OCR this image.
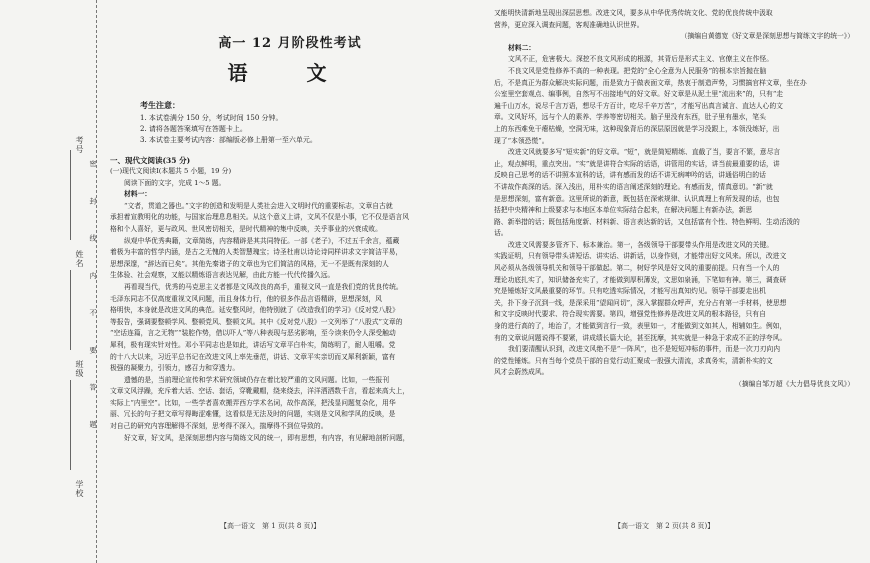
考号
姓名
班级
学校
密 封 线 内 不 要 答 题
高一 12 月阶段性考试
语 文
考生注意：
1. 本试卷满分 150 分，考试时间 150 分钟。
2. 请将各题答案填写在答题卡上。
3. 本试卷主要考试内容：部编版必修上册第一至六单元。
一、现代文阅读(35 分)
(一)现代文阅读Ⅰ(本题共 5 小题，19 分)
阅读下面的文字，完成 1～5 题。
材料一：
“文者，贯道之器也。”文字的创造和发明是人类社会进入文明时代的重要标志，文章自古就
承担着宣教明化的功能，与国家治理息息相关。从这个意义上讲，文风不仅是小事，它不仅是语言风
格和个人喜好，更与政风、世风密切相关，是时代精神的集中反映，关乎事业的兴衰成败。
纵观中华优秀典籍，文章简练，内容精辟是其共同特征。一部《老子》，不过五千余言，蕴藏
着极为丰富的哲学内涵，是古之无愧的人类智慧瑰宝；诗圣杜甫以诗论诗同样讲求文字简洁平易，
思想深邃，“辞达而已矣”。其他先秦诸子的文章也为它们简洁的风格，无一不是既有深刻的人
生体验、社会观察，又能以精炼语言表达见解，由此方能一代代传播久远。
再看现当代，优秀的马克思主义者都是文风改良的高手，重视文风一直是我们党的优良传统。
毛泽东同志不仅高度重视文风问题，而且身体力行，他的很多作品言语精辟，思想深刻，风
格明快，本身就是改进文风的典范。延安整风时，他特别就了《改造我们的学习》《反对党八股》
等报告，强调要整顿学风、整顿党风、整顿文风。其中《反对党八股》一文列举了“八股式”文章的
“空话连篇，言之无物”“装腔作势，借以吓人”等八种表现与恶劣影响，至今读来仍令人深受触动
犀利，极有现实针对性。邓小平同志也是如此，讲话写文章平白朴实，简练明了，耐人咀嚼。党
的十八大以来，习近平总书记在改进文风上率先垂范，讲话、文章平实亲切而又犀利新颖，富有
极强的凝聚力，引领力，感召力和穿透力。
遗憾的是，当前理论宣传和学术研究领域仍存在着比较严重的文风问题。比如，一些报刊
文章文风浮躁，充斥着大话、空话、套话，穿靴戴帽，绕来绕去，洋洋洒洒数千言，看起来高大上，
实际上“内里空”。比如，一些学者喜欢搬弄西方学术名词，故作高深，把浅显问题复杂化，用华
丽、冗长的句子把文章写得晦涩难懂，这看似是无法及时的问题，实则是文风和学风的反映，是
对自己的研究内容理解得不深刻，思考得不深入，揣摩得不到位导致的。
好文章，好文风，是深刻思想内容与简练文风的统一，即有思想，有内容，有见解地剖析问题，
【高一语文　第 1 页(共 8 页)】
又能明快清新地呈现出深层思想。改进文风，要多从中华优秀传统文化、党的优良传统中汲取
营养，更应深入调查问题，客观准确地认识世界。
（摘编自黄德宽《好文章是深刻思想与简练文字的统一》）
材料二：
文风不正，危害极大。深挖不良文风形成的根源，其背后是形式主义、官僚主义在作怪。
不良文风是党性修养不高的一种表现。把党的“全心全意为人民服务”的根本宗旨抛在脑
后，不是真正为群众解决实际问题，而是致力于做表面文章，热衷于制造声势，习惯搞官样文章，坐在办
公室里空套观点、编事例，自然写不出接地气的好文章。好文章是从泥土里“流出来”的，只有“走
遍千山万水，说尽千言万语，想尽千方百计，吃尽千辛万苦”，才能写出真言诚言、直达人心的文
章。文风好坏，远与个人的素养、学养等密切相关。脑子里没有东西，肚子里有墨水，笔头
上的东西难免干瘪枯燥，空洞无味，这种现象背后的深层原因就是学习没跟上，本领没练好，出
现了“本领恐慌”。
改进文风就要多写“短实新”的好文章。“短”，就是简短精练、直截了当，要言不繁，意尽言
止，观点鲜明，重点突出。“实”就是讲符合实际的话语，讲管用的实话，讲当前最重要的话，讲
反映自己思考的话不讲照本宣科的话，讲有感而发的话不讲无病呻吟的话，讲通俗明白的话
不讲故作高深的话。深入浅出，用朴实的语言阐述深刻的理论。有感而发，情真意切。“新”就
是思想深刻，富有新意。这里所说的新意，既包括在深索规律、认识真理上有所发现的话，也包
括把中央精神和上级要求与本地区本单位实际结合起来，在解决问题上有新办法，新思
路、新举措的话；既包括角度新、材料新、语言表达新的话，又包括富有个性、特色鲜明、生动活泼的
话。
改进文风需要多管齐下、标本兼治。第一，各级领导干部要带头作用是改进文风的关键。
实践证明，只有领导带头讲短话、讲实话、讲新话，以身作则，才能带出好文风来。所以，改进文
风必须从各级领导机关和领导干部做起。第二，树好学风是好文风的重要前提。只有当一个人的
理论功底扎实了，知识储备充实了，才能做到厚积薄发，文思如泉涌，下笔如有神。第三，调查研
究是锤炼好文风最重要的环节。只有吃透实际情况，才能写出真知灼见。领导干部要走出机
关，扑下身子沉到一线，是深采用“望闻问切”，深入掌握群众呼声，充分占有第一手材料，使思想
和文字反映时代要求、符合现实需要。第四，增强党性修养是改进文风的根本路径，只有自
身的进行高的了，地治了，才能做到言行一致，表里如一，才能做到文如其人，相辅如生。例如，
有的文章说问题说得不要紧，讲成绩长篇大论，甚至抚摩，其实就是一种急于求成不正的浮夸风。
我们要清醒认识到，改进文风绝不是“一阵风”，也不是短短冲标的事件，而是一次刀刃向内
的党性锤炼。只有当每个党员干部的自觉行动汇聚成一股强大清流，求真务实，清新朴实的文
风才会蔚然成风。
（摘编自邹万超《大力倡导优良文风》）
【高一语文　第 2 页(共 8 页)】
